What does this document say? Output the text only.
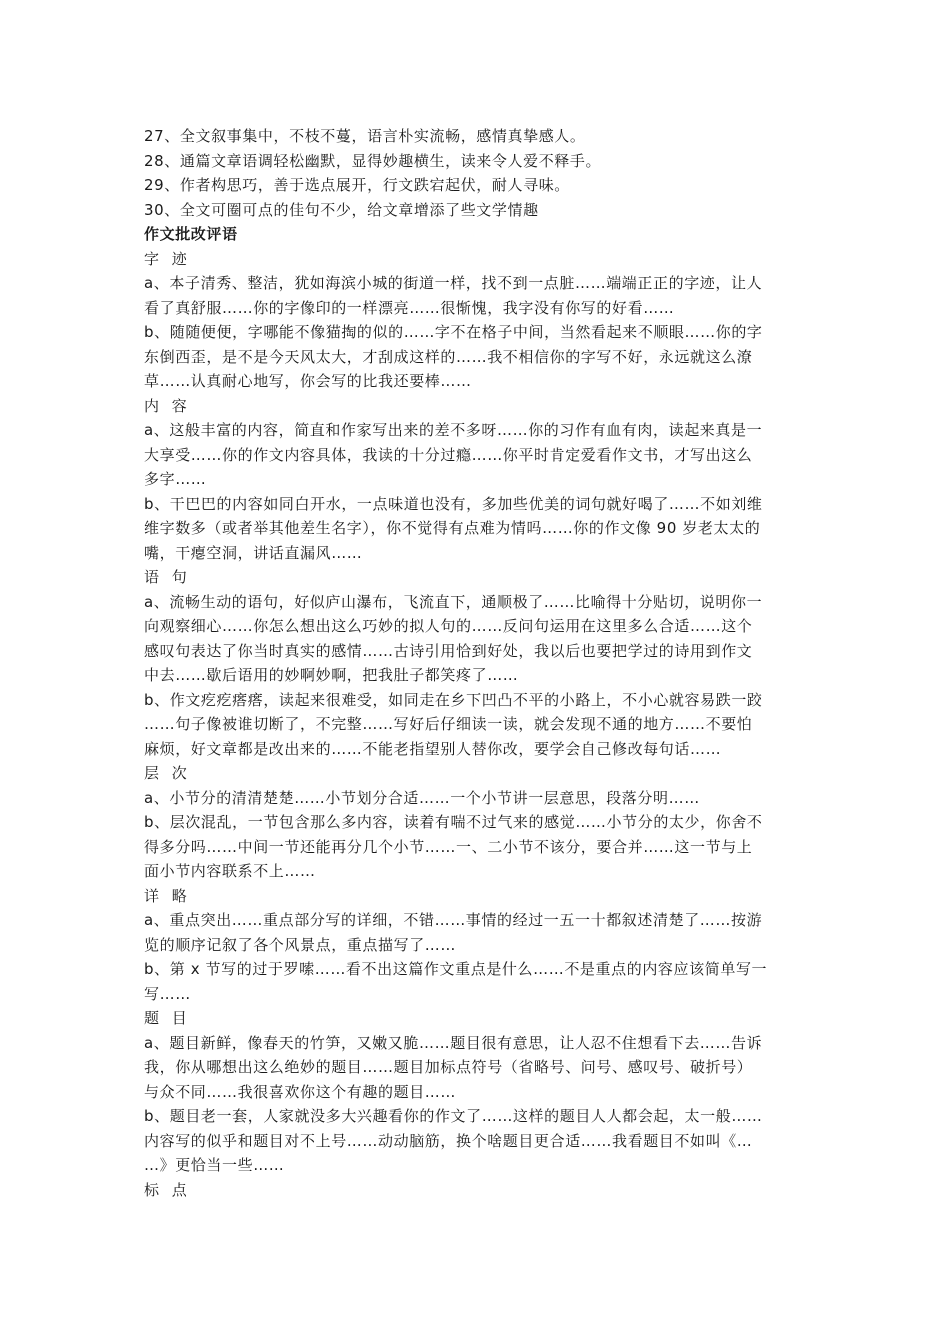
27、全文叙事集中，不枝不蔓，语言朴实流畅，感情真挚感人。
28、通篇文章语调轻松幽默，显得妙趣横生，读来令人爱不释手。
29、作者构思巧，善于选点展开，行文跌宕起伏，耐人寻味。
30、全文可圈可点的佳句不少，给文章增添了些文学情趣
作文批改评语
字 迹
a、本子清秀、整洁，犹如海滨小城的街道一样，找不到一点脏……端端正正的字迹，让人
看了真舒服……你的字像印的一样漂亮……很惭愧，我字没有你写的好看……
b、随随便便，字哪能不像猫掏的似的……字不在格子中间，当然看起来不顺眼……你的字
东倒西歪，是不是今天风太大，才刮成这样的……我不相信你的字写不好，永远就这么潦
草……认真耐心地写，你会写的比我还要棒……
内 容
a、这般丰富的内容，简直和作家写出来的差不多呀……你的习作有血有肉，读起来真是一
大享受……你的作文内容具体，我读的十分过瘾……你平时肯定爱看作文书，才写出这么
多字……
b、干巴巴的内容如同白开水，一点味道也没有，多加些优美的词句就好喝了……不如刘维
维字数多（或者举其他差生名字），你不觉得有点难为情吗……你的作文像 90 岁老太太的
嘴，干瘪空洞，讲话直漏风……
语 句
a、流畅生动的语句，好似庐山瀑布，飞流直下，通顺极了……比喻得十分贴切，说明你一
向观察细心……你怎么想出这么巧妙的拟人句的……反问句运用在这里多么合适……这个
感叹句表达了你当时真实的感情……古诗引用恰到好处，我以后也要把学过的诗用到作文
中去……歇后语用的妙啊妙啊，把我肚子都笑疼了……
b、作文疙疙瘩瘩，读起来很难受，如同走在乡下凹凸不平的小路上，不小心就容易跌一跤
……句子像被谁切断了，不完整……写好后仔细读一读，就会发现不通的地方……不要怕
麻烦，好文章都是改出来的……不能老指望别人替你改，要学会自己修改每句话……
层 次
a、小节分的清清楚楚……小节划分合适……一个小节讲一层意思，段落分明……
b、层次混乱，一节包含那么多内容，读着有喘不过气来的感觉……小节分的太少，你舍不
得多分吗……中间一节还能再分几个小节……一、二小节不该分，要合并……这一节与上
面小节内容联系不上……
详 略
a、重点突出……重点部分写的详细，不错……事情的经过一五一十都叙述清楚了……按游
览的顺序记叙了各个风景点，重点描写了……
b、第 x 节写的过于罗嗦……看不出这篇作文重点是什么……不是重点的内容应该简单写一
写……
题 目
a、题目新鲜，像春天的竹笋，又嫩又脆……题目很有意思，让人忍不住想看下去……告诉
我，你从哪想出这么绝妙的题目……题目加标点符号（省略号、问号、感叹号、破折号）
与众不同……我很喜欢你这个有趣的题目……
b、题目老一套，人家就没多大兴趣看你的作文了……这样的题目人人都会起，太一般……
内容写的似乎和题目对不上号……动动脑筋，换个啥题目更合适……我看题目不如叫《…
…》更恰当一些……
标 点
